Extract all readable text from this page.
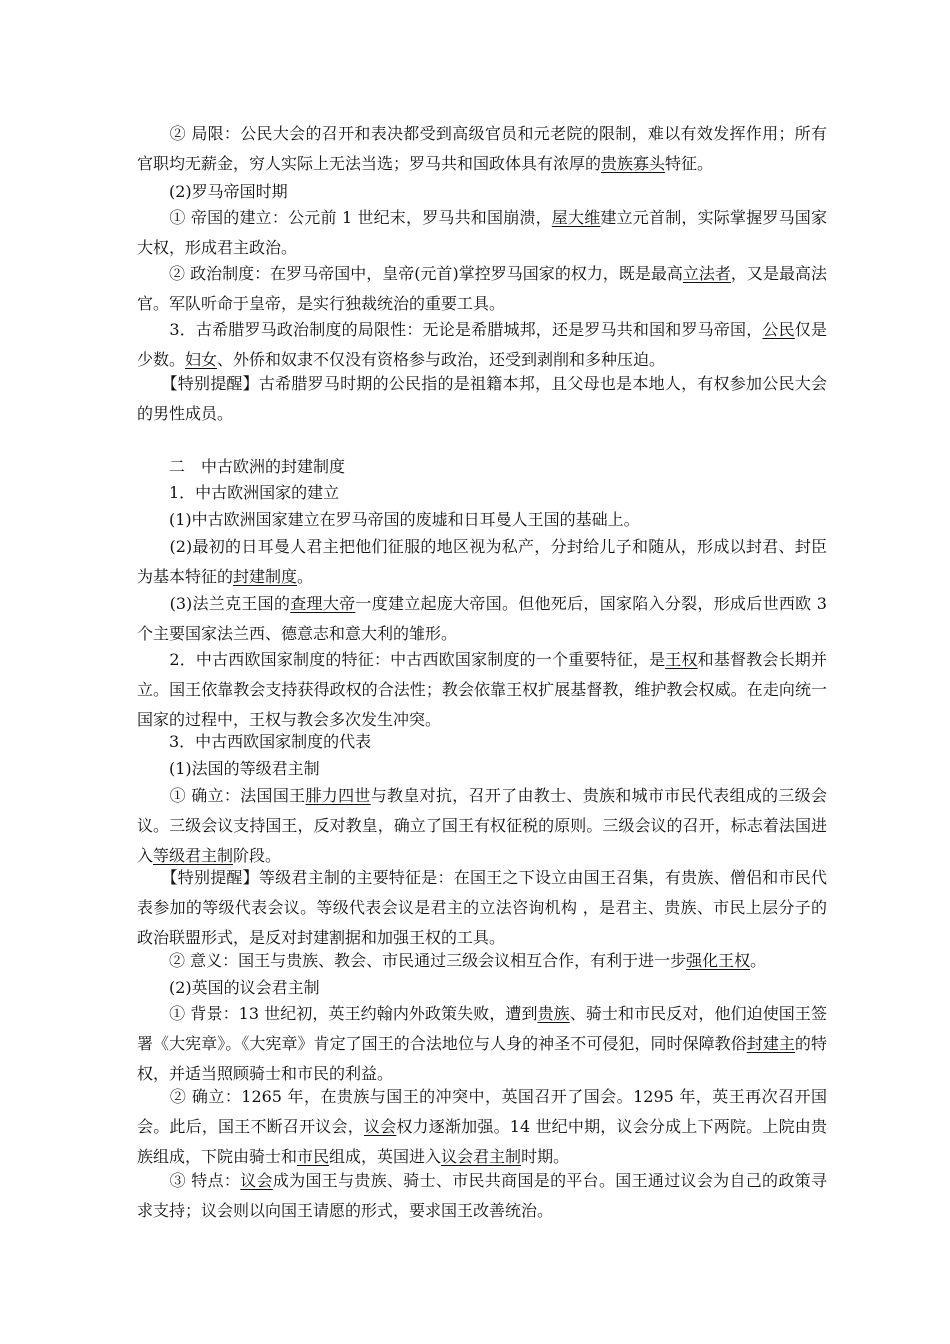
　　② 局限：公民大会的召开和表决都受到高级官员和元老院的限制，难以有效发挥作用；所有官职均无薪金，穷人实际上无法当选；罗马共和国政体具有浓厚的贵族寡头特征。

　　(2)罗马帝国时期

　　① 帝国的建立：公元前 1 世纪末，罗马共和国崩溃，屋大维建立元首制，实际掌握罗马国家大权，形成君主政治。

　　② 政治制度：在罗马帝国中，皇帝(元首)掌控罗马国家的权力，既是最高立法者，又是最高法官。军队听命于皇帝，是实行独裁统治的重要工具。

　　3．古希腊罗马政治制度的局限性：无论是希腊城邦，还是罗马共和国和罗马帝国，公民仅是少数。妇女、外侨和奴隶不仅没有资格参与政治，还受到剥削和多种压迫。

　　【特别提醒】古希腊罗马时期的公民指的是祖籍本邦，且父母也是本地人，有权参加公民大会的男性成员。

　　二　中古欧洲的封建制度

　　1．中古欧洲国家的建立

　　(1)中古欧洲国家建立在罗马帝国的废墟和日耳曼人王国的基础上。

　　(2)最初的日耳曼人君主把他们征服的地区视为私产，分封给儿子和随从，形成以封君、封臣为基本特征的封建制度。

　　(3)法兰克王国的查理大帝一度建立起庞大帝国。但他死后，国家陷入分裂，形成后世西欧 3 个主要国家法兰西、德意志和意大利的雏形。

　　2．中古西欧国家制度的特征：中古西欧国家制度的一个重要特征，是王权和基督教会长期并立。国王依靠教会支持获得政权的合法性；教会依靠王权扩展基督教，维护教会权威。在走向统一国家的过程中，王权与教会多次发生冲突。

　　3．中古西欧国家制度的代表

　　(1)法国的等级君主制

　　① 确立：法国国王腓力四世与教皇对抗，召开了由教士、贵族和城市市民代表组成的三级会议。三级会议支持国王，反对教皇，确立了国王有权征税的原则。三级会议的召开，标志着法国进入等级君主制阶段。

　　【特别提醒】等级君主制的主要特征是：在国王之下设立由国王召集，有贵族、僧侣和市民代表参加的等级代表会议。等级代表会议是君主的立法咨询机构 ，是君主、贵族、市民上层分子的政治联盟形式，是反对封建割据和加强王权的工具。

　　② 意义：国王与贵族、教会、市民通过三级会议相互合作，有利于进一步强化王权。

　　(2)英国的议会君主制

　　① 背景：13 世纪初，英王约翰内外政策失败，遭到贵族、骑士和市民反对，他们迫使国王签署《大宪章》。《大宪章》肯定了国王的合法地位与人身的神圣不可侵犯，同时保障教俗封建主的特权，并适当照顾骑士和市民的利益。

　　② 确立：1265 年，在贵族与国王的冲突中，英国召开了国会。1295 年，英王再次召开国会。此后，国王不断召开议会，议会权力逐渐加强。14 世纪中期，议会分成上下两院。上院由贵族组成，下院由骑士和市民组成，英国进入议会君主制时期。

　　③ 特点：议会成为国王与贵族、骑士、市民共商国是的平台。国王通过议会为自己的政策寻求支持；议会则以向国王请愿的形式，要求国王改善统治。
